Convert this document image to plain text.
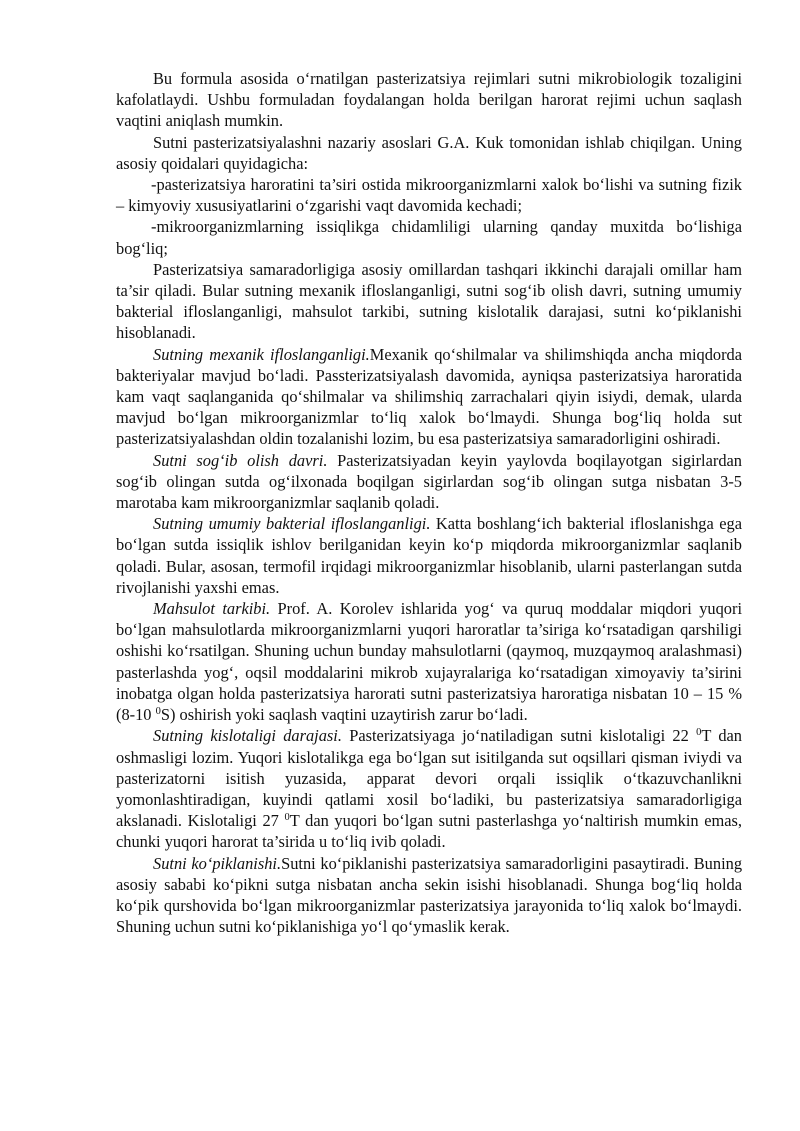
Bu formula asosida o‘rnatilgan pasterizatsiya rejimlari sutni mikrobiologik tozaligini kafolatlaydi. Ushbu formuladan foydalangan holda berilgan harorat rejimi uchun saqlash vaqtini aniqlash mumkin.

Sutni pasterizatsiyalashni nazariy asoslari G.A. Kuk tomonidan ishlab chiqilgan. Uning asosiy qoidalari quyidagicha:

-pasterizatsiya haroratini ta’siri ostida mikroorganizmlarni xalok bo‘lishi va sutning fizik – kimyoviy xususiyatlarini o‘zgarishi vaqt davomida kechadi;

-mikroorganizmlarning issiqlikga chidamliligi ularning qanday muxitda bo‘lishiga bog‘liq;

Pasterizatsiya samaradorligiga asosiy omillardan tashqari ikkinchi darajali omillar ham ta’sir qiladi. Bular sutning mexanik ifloslanganligi, sutni sog‘ib olish davri, sutning umumiy bakterial ifloslanganligi, mahsulot tarkibi, sutning kislotalik darajasi, sutni ko‘piklanishi hisoblanadi.

Sutning mexanik ifloslanganligi.Mexanik qo‘shilmalar va shilimshiqda ancha miqdorda bakteriyalar mavjud bo‘ladi. Passterizatsiyalash davomida, ayniqsa pasterizatsiya haroratida kam vaqt saqlanganida qo‘shilmalar va shilimshiq zarrachalari qiyin isiydi, demak, ularda mavjud bo‘lgan mikroorganizmlar to‘liq xalok bo‘lmaydi. Shunga bog‘liq holda sut pasterizatsiyalashdan oldin tozalanishi lozim, bu esa pasterizatsiya samaradorligini oshiradi.

Sutni sog‘ib olish davri. Pasterizatsiyadan keyin yaylovda boqilayotgan sigirlardan sog‘ib olingan sutda og‘ilxonada boqilgan sigirlardan sog‘ib olingan sutga nisbatan 3-5 marotaba kam mikroorganizmlar saqlanib qoladi.

Sutning umumiy bakterial ifloslanganligi. Katta boshlang‘ich bakterial ifloslanishga ega bo‘lgan sutda issiqlik ishlov berilganidan keyin ko‘p miqdorda mikroorganizmlar saqlanib qoladi. Bular, asosan, termofil irqidagi mikroorganizmlar hisoblanib, ularni pasterlangan sutda rivojlanishi yaxshi emas.

Mahsulot tarkibi. Prof. A. Korolev ishlarida yog‘ va quruq moddalar miqdori yuqori bo‘lgan mahsulotlarda mikroorganizmlarni yuqori haroratlar ta’siriga ko‘rsatadigan qarshiligi oshishi ko‘rsatilgan. Shuning uchun bunday mahsulotlarni (qaymoq, muzqaymoq aralashmasi) pasterlashda yog‘, oqsil moddalarini mikrob xujayralariga ko‘rsatadigan ximoyaviy ta’sirini inobatga olgan holda pasterizatsiya harorati sutni pasterizatsiya haroratiga nisbatan 10 – 15 % (8-10 $^0$S) oshirish yoki saqlash vaqtini uzaytirish zarur bo‘ladi.

Sutning kislotaligi darajasi. Pasterizatsiyaga jo‘natiladigan sutni kislotaligi 22 $^0$T dan oshmasligi lozim. Yuqori kislotalikga ega bo‘lgan sut isitilganda sut oqsillari qisman iviydi va pasterizatorni isitish yuzasida, apparat devori orqali issiqlik o‘tkazuvchanlikni yomonlashtiradigan, kuyindi qatlami xosil bo‘ladiki, bu pasterizatsiya samaradorligiga akslanadi. Kislotaligi 27 $^0$T dan yuqori bo‘lgan sutni pasterlashga yo‘naltirish mumkin emas, chunki yuqori harorat ta’sirida u to‘liq ivib qoladi.

Sutni ko‘piklanishi.Sutni ko‘piklanishi pasterizatsiya samaradorligini pasaytiradi. Buning asosiy sababi ko‘pikni sutga nisbatan ancha sekin isishi hisoblanadi. Shunga bog‘liq holda ko‘pik qurshovida bo‘lgan mikroorganizmlar pasterizatsiya jarayonida to‘liq xalok bo‘lmaydi. Shuning uchun sutni ko‘piklanishiga yo‘l qo‘ymaslik kerak.
